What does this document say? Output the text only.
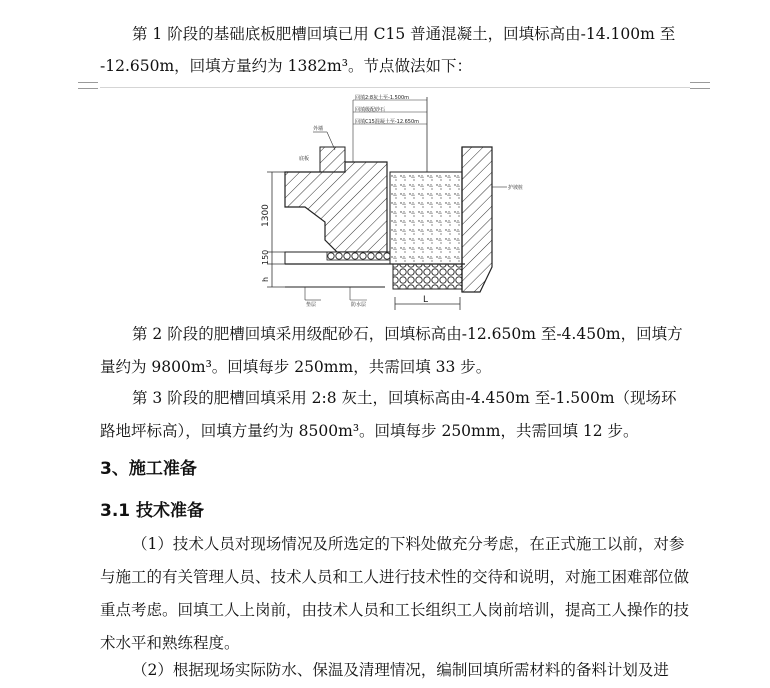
第 1 阶段的基础底板肥槽回填已用 C15 普通混凝土，回填标高由-14.100m 至

-12.650m，回填方量约为 1382m³。节点做法如下：

1300
150
h
L
回填2:8灰土至-1.500m
回填级配砂石
回填C15混凝土至-12.650m
外墙
底板
护坡桩
垫层	防水层

第 2 阶段的肥槽回填采用级配砂石，回填标高由-12.650m 至-4.450m，回填方量约为 9800m³。回填每步 250mm，共需回填 33 步。

第 3 阶段的肥槽回填采用 2:8 灰土，回填标高由-4.450m 至-1.500m（现场环路地坪标高），回填方量约为 8500m³。回填每步 250mm，共需回填 12 步。

3、施工准备

3.1 技术准备

（1）技术人员对现场情况及所选定的下料处做充分考虑，在正式施工以前，对参与施工的有关管理人员、技术人员和工人进行技术性的交待和说明，对施工困难部位做重点考虑。回填工人上岗前，由技术人员和工长组织工人岗前培训，提高工人操作的技术水平和熟练程度。

（2）根据现场实际防水、保温及清理情况，编制回填所需材料的备料计划及进
